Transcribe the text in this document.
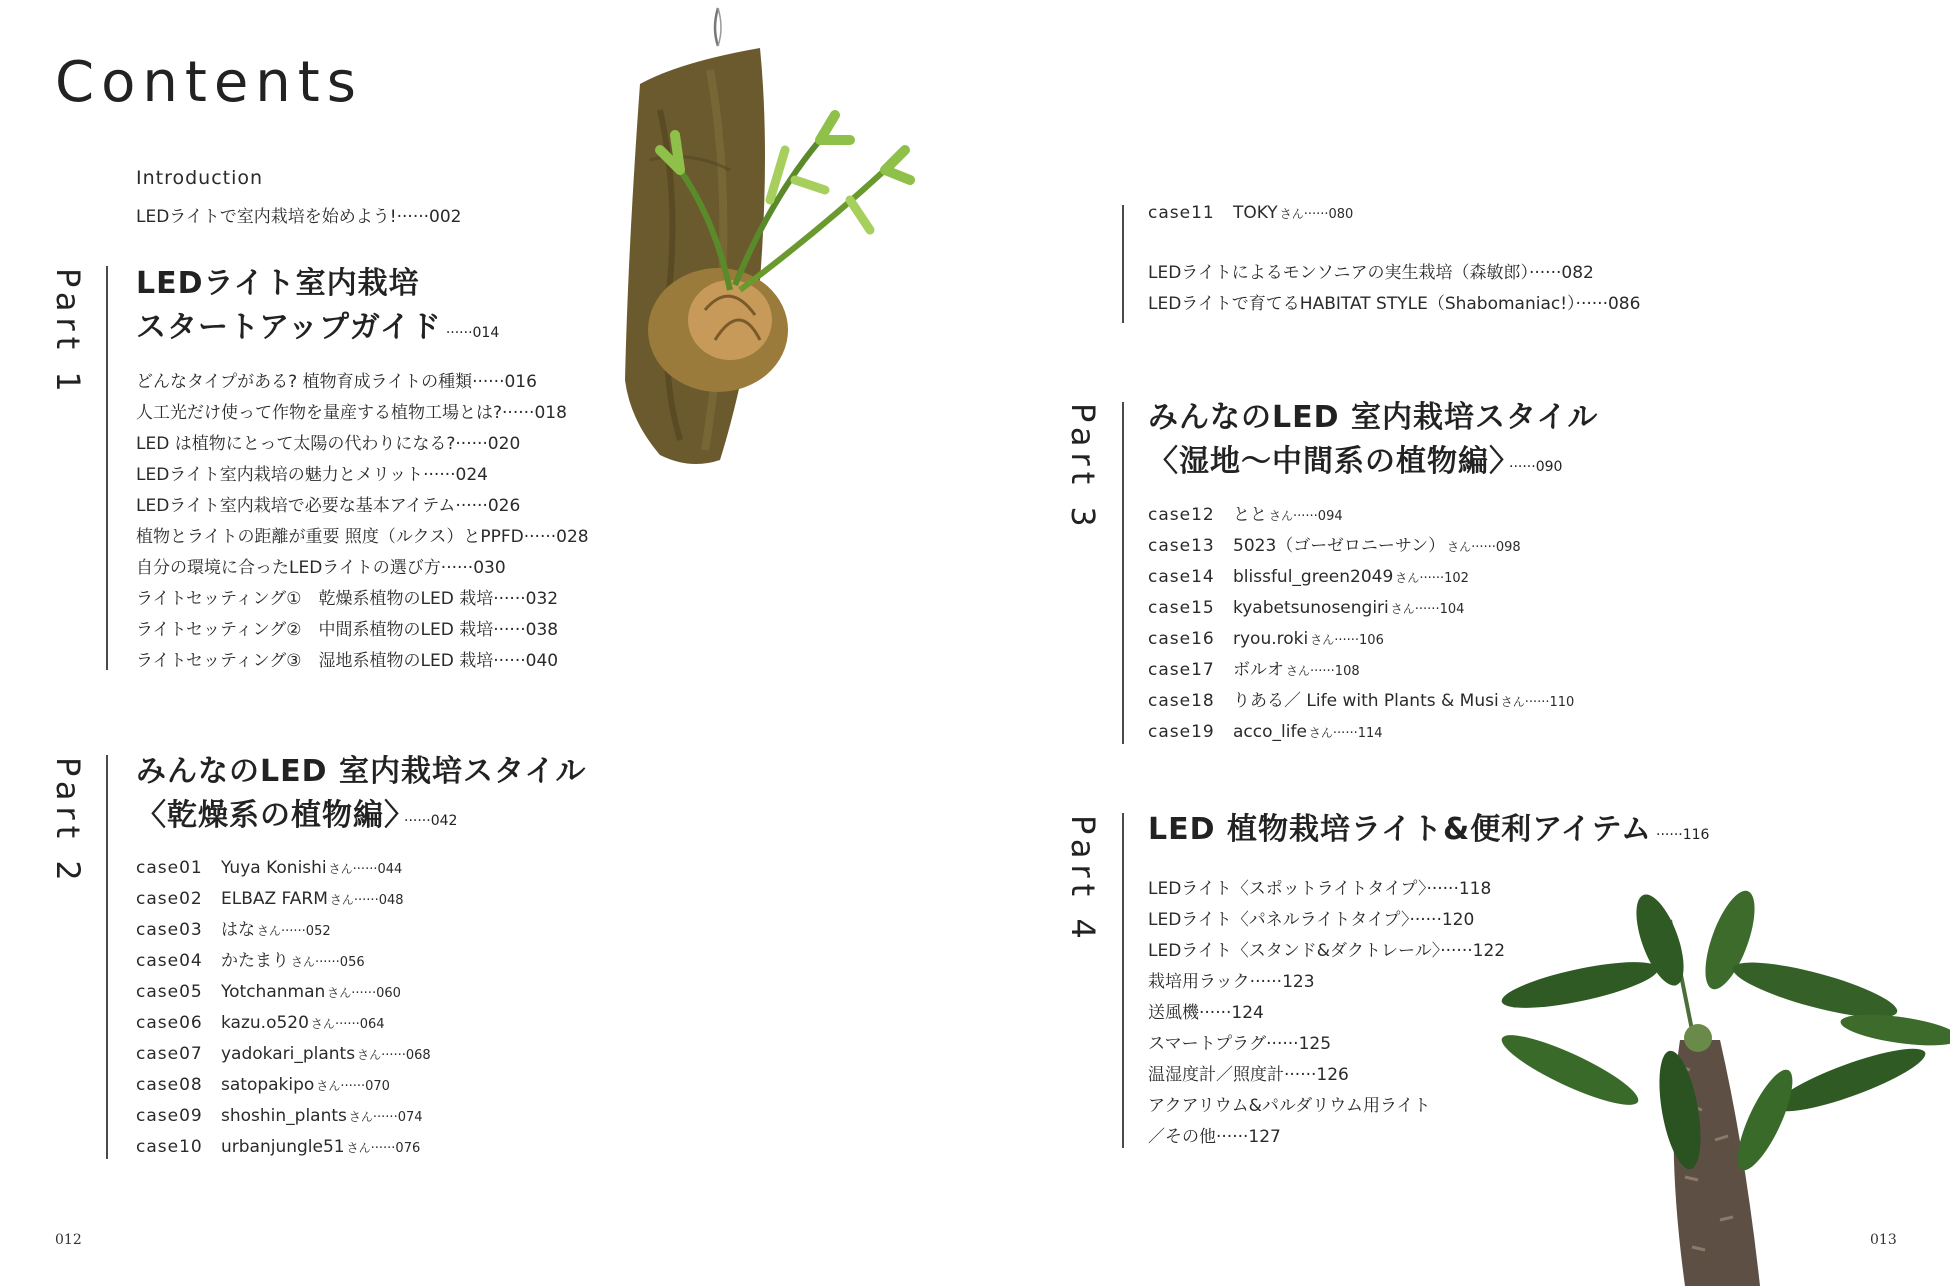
Contents
Introduction
LEDライトで室内栽培を始めよう!······002
Part 1 LEDライト室内栽培
スタートアップガイド ······014
どんなタイプがある? 植物育成ライトの種類······016
人工光だけ使って作物を量産する植物工場とは?······018
LED は植物にとって太陽の代わりになる?······020
LEDライト室内栽培の魅力とメリット······024
LEDライト室内栽培で必要な基本アイテム······026
植物とライトの距離が重要 照度（ルクス）とPPFD······028
自分の環境に合ったLEDライトの選び方······030
ライトセッティング①　乾燥系植物のLED 栽培······032
ライトセッティング②　中間系植物のLED 栽培······038
ライトセッティング③　湿地系植物のLED 栽培······040
Part 2 みんなのLED 室内栽培スタイル
〈乾燥系の植物編〉 ······042
case01 Yuya Konishi さん······044
case02 ELBAZ FARM さん······048
case03 はな さん······052
case04 かたまり さん······056
case05 Yotchanman さん······060
case06 kazu.o520 さん······064
case07 yadokari_plants さん······068
case08 satopakipo さん······070
case09 shoshin_plants さん······074
case10 urbanjungle51 さん······076
case11 TOKY さん······080
LEDライトによるモンソニアの実生栽培（森敏郎）······082
LEDライトで育てるHABITAT STYLE（Shabomaniac!）······086
Part 3 みんなのLED 室内栽培スタイル
〈湿地～中間系の植物編〉 ······090
case12 とと さん······094
case13 5023（ゴーゼロニーサン） さん······098
case14 blissful_green2049 さん······102
case15 kyabetsunosengiri さん······104
case16 ryou.roki さん······106
case17 ボルオ さん······108
case18 りある／ Life with Plants & Musi さん······110
case19 acco_life さん······114
Part 4 LED 植物栽培ライト&便利アイテム ······116
LEDライト〈スポットライトタイプ〉······118
LEDライト〈パネルライトタイプ〉······120
LEDライト〈スタンド&ダクトレール〉······122
栽培用ラック······123
送風機······124
スマートプラグ······125
温湿度計／照度計······126
アクアリウム&パルダリウム用ライト
／その他······127
012	013
